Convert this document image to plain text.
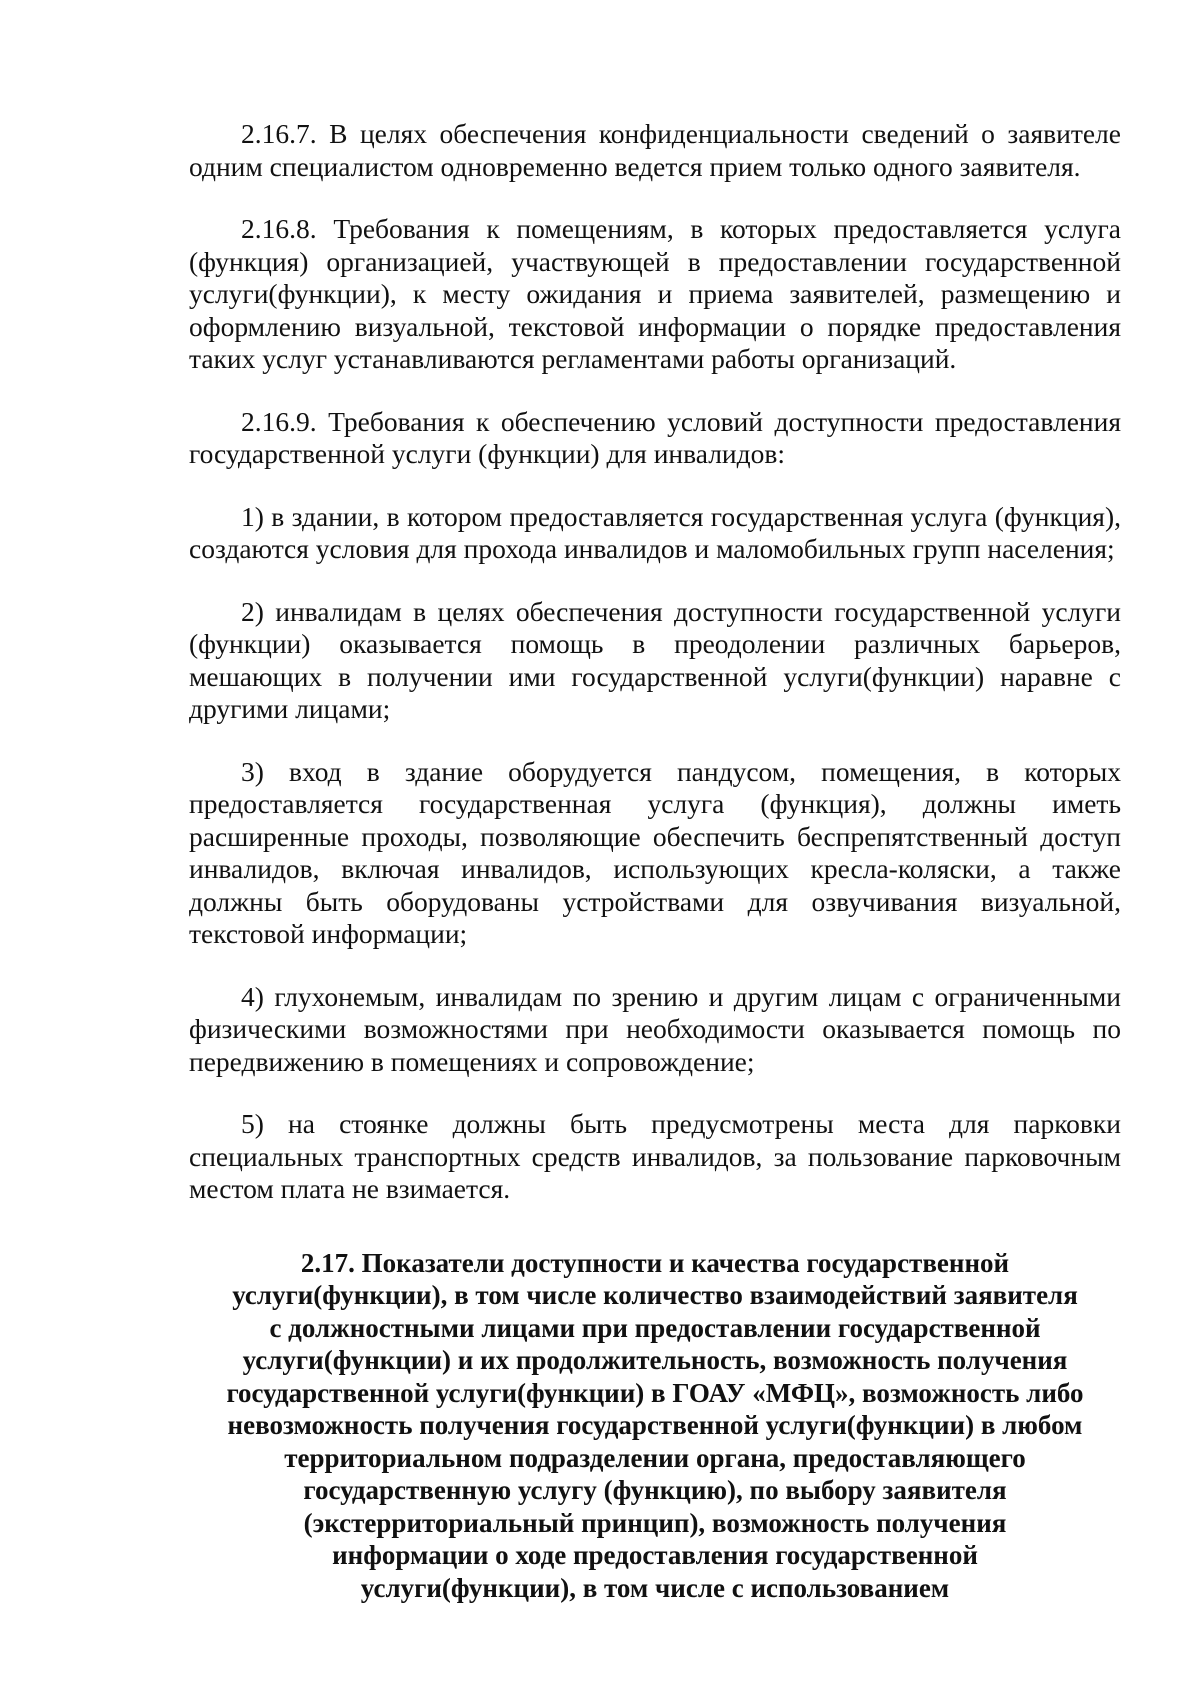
2.16.7. В целях обеспечения конфиденциальности сведений о заявителе одним специалистом одновременно ведется прием только одного заявителя.

2.16.8. Требования к помещениям, в которых предоставляется услуга (функция) организацией, участвующей в предоставлении государственной услуги(функции), к месту ожидания и приема заявителей, размещению и оформлению визуальной, текстовой информации о порядке предоставления таких услуг устанавливаются регламентами работы организаций.

2.16.9. Требования к обеспечению условий доступности предоставления государственной услуги (функции) для инвалидов:

1) в здании, в котором предоставляется государственная услуга (функция), создаются условия для прохода инвалидов и маломобильных групп населения;

2) инвалидам в целях обеспечения доступности государственной услуги (функции) оказывается помощь в преодолении различных барьеров, мешающих в получении ими государственной услуги(функции) наравне с другими лицами;

3) вход в здание оборудуется пандусом, помещения, в которых предоставляется государственная услуга (функция), должны иметь расширенные проходы, позволяющие обеспечить беспрепятственный доступ инвалидов, включая инвалидов, использующих кресла-коляски, а также должны быть оборудованы устройствами для озвучивания визуальной, текстовой информации;

4) глухонемым, инвалидам по зрению и другим лицам с ограниченными физическими возможностями при необходимости оказывается помощь по передвижению в помещениях и сопровождение;

5) на стоянке должны быть предусмотрены места для парковки специальных транспортных средств инвалидов, за пользование парковочным местом плата не взимается.

2.17. Показатели доступности и качества государственной
услуги(функции), в том числе количество взаимодействий заявителя
с должностными лицами при предоставлении государственной
услуги(функции) и их продолжительность, возможность получения
государственной услуги(функции) в ГОАУ «МФЦ», возможность либо
невозможность получения государственной услуги(функции) в любом
территориальном подразделении органа, предоставляющего
государственную услугу (функцию), по выбору заявителя
(экстерриториальный принцип), возможность получения
информации о ходе предоставления государственной
услуги(функции), в том числе с использованием
